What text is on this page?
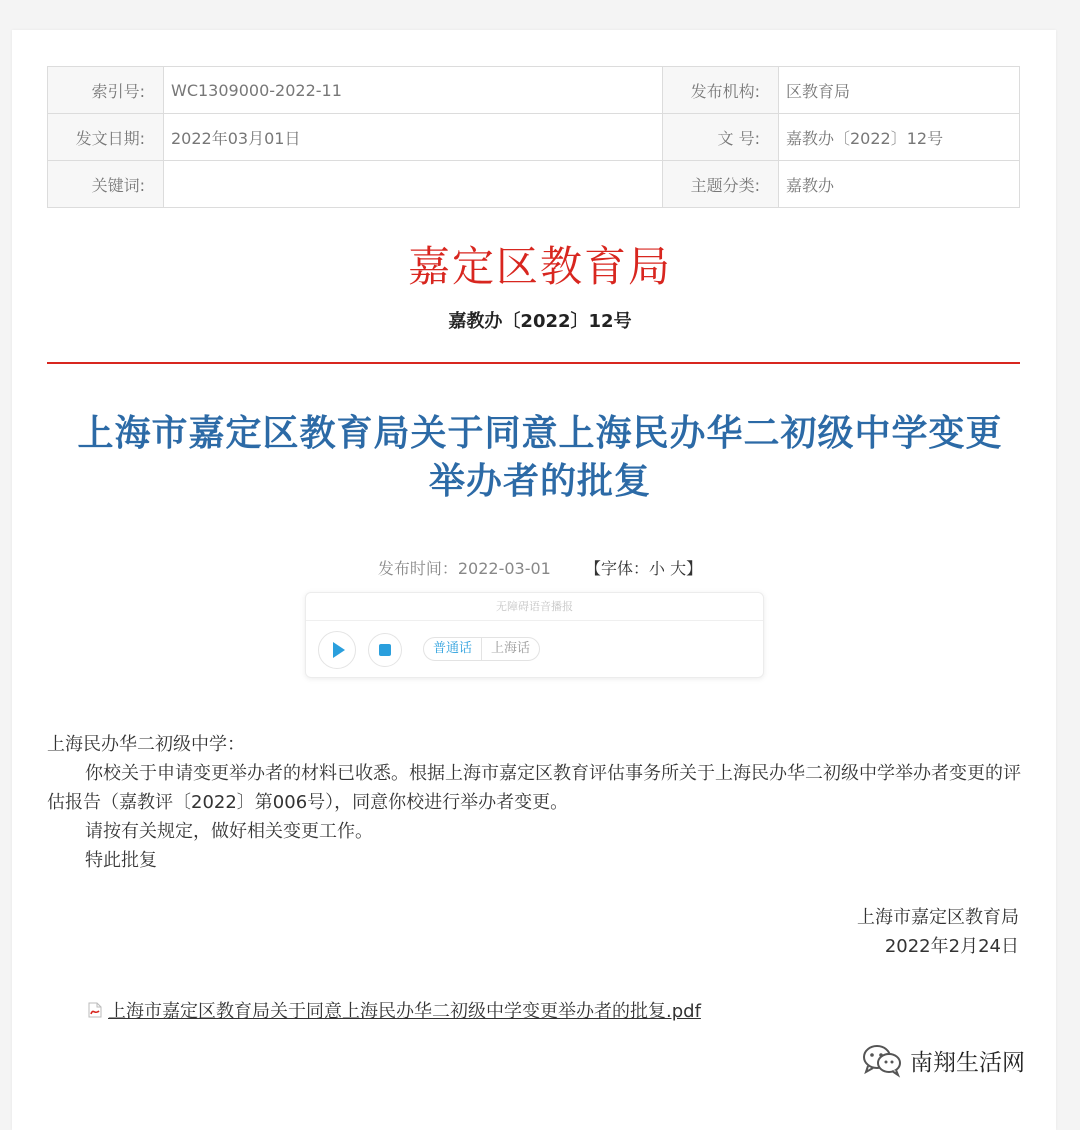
索引号:	WC1309000-2022-11	发布机构:	区教育局
发文日期:	2022年03月01日	文 号:	嘉教办〔2022〕12号
关键词:		主题分类:	嘉教办
嘉定区教育局
嘉教办〔2022〕12号
上海市嘉定区教育局关于同意上海民办华二初级中学变更
举办者的批复
发布时间：2022-03-01 【字体：小 大】
无障碍语音播报
普通话	上海话

上海民办华二初级中学：

你校关于申请变更举办者的材料已收悉。根据上海市嘉定区教育评估事务所关于上海民办华二初级中学举办者变更的评估报告（嘉教评〔2022〕第006号），同意你校进行举办者变更。

请按有关规定，做好相关变更工作。

特此批复

上海市嘉定区教育局
2022年2月24日
上海市嘉定区教育局关于同意上海民办华二初级中学变更举办者的批复.pdf
南翔生活网
